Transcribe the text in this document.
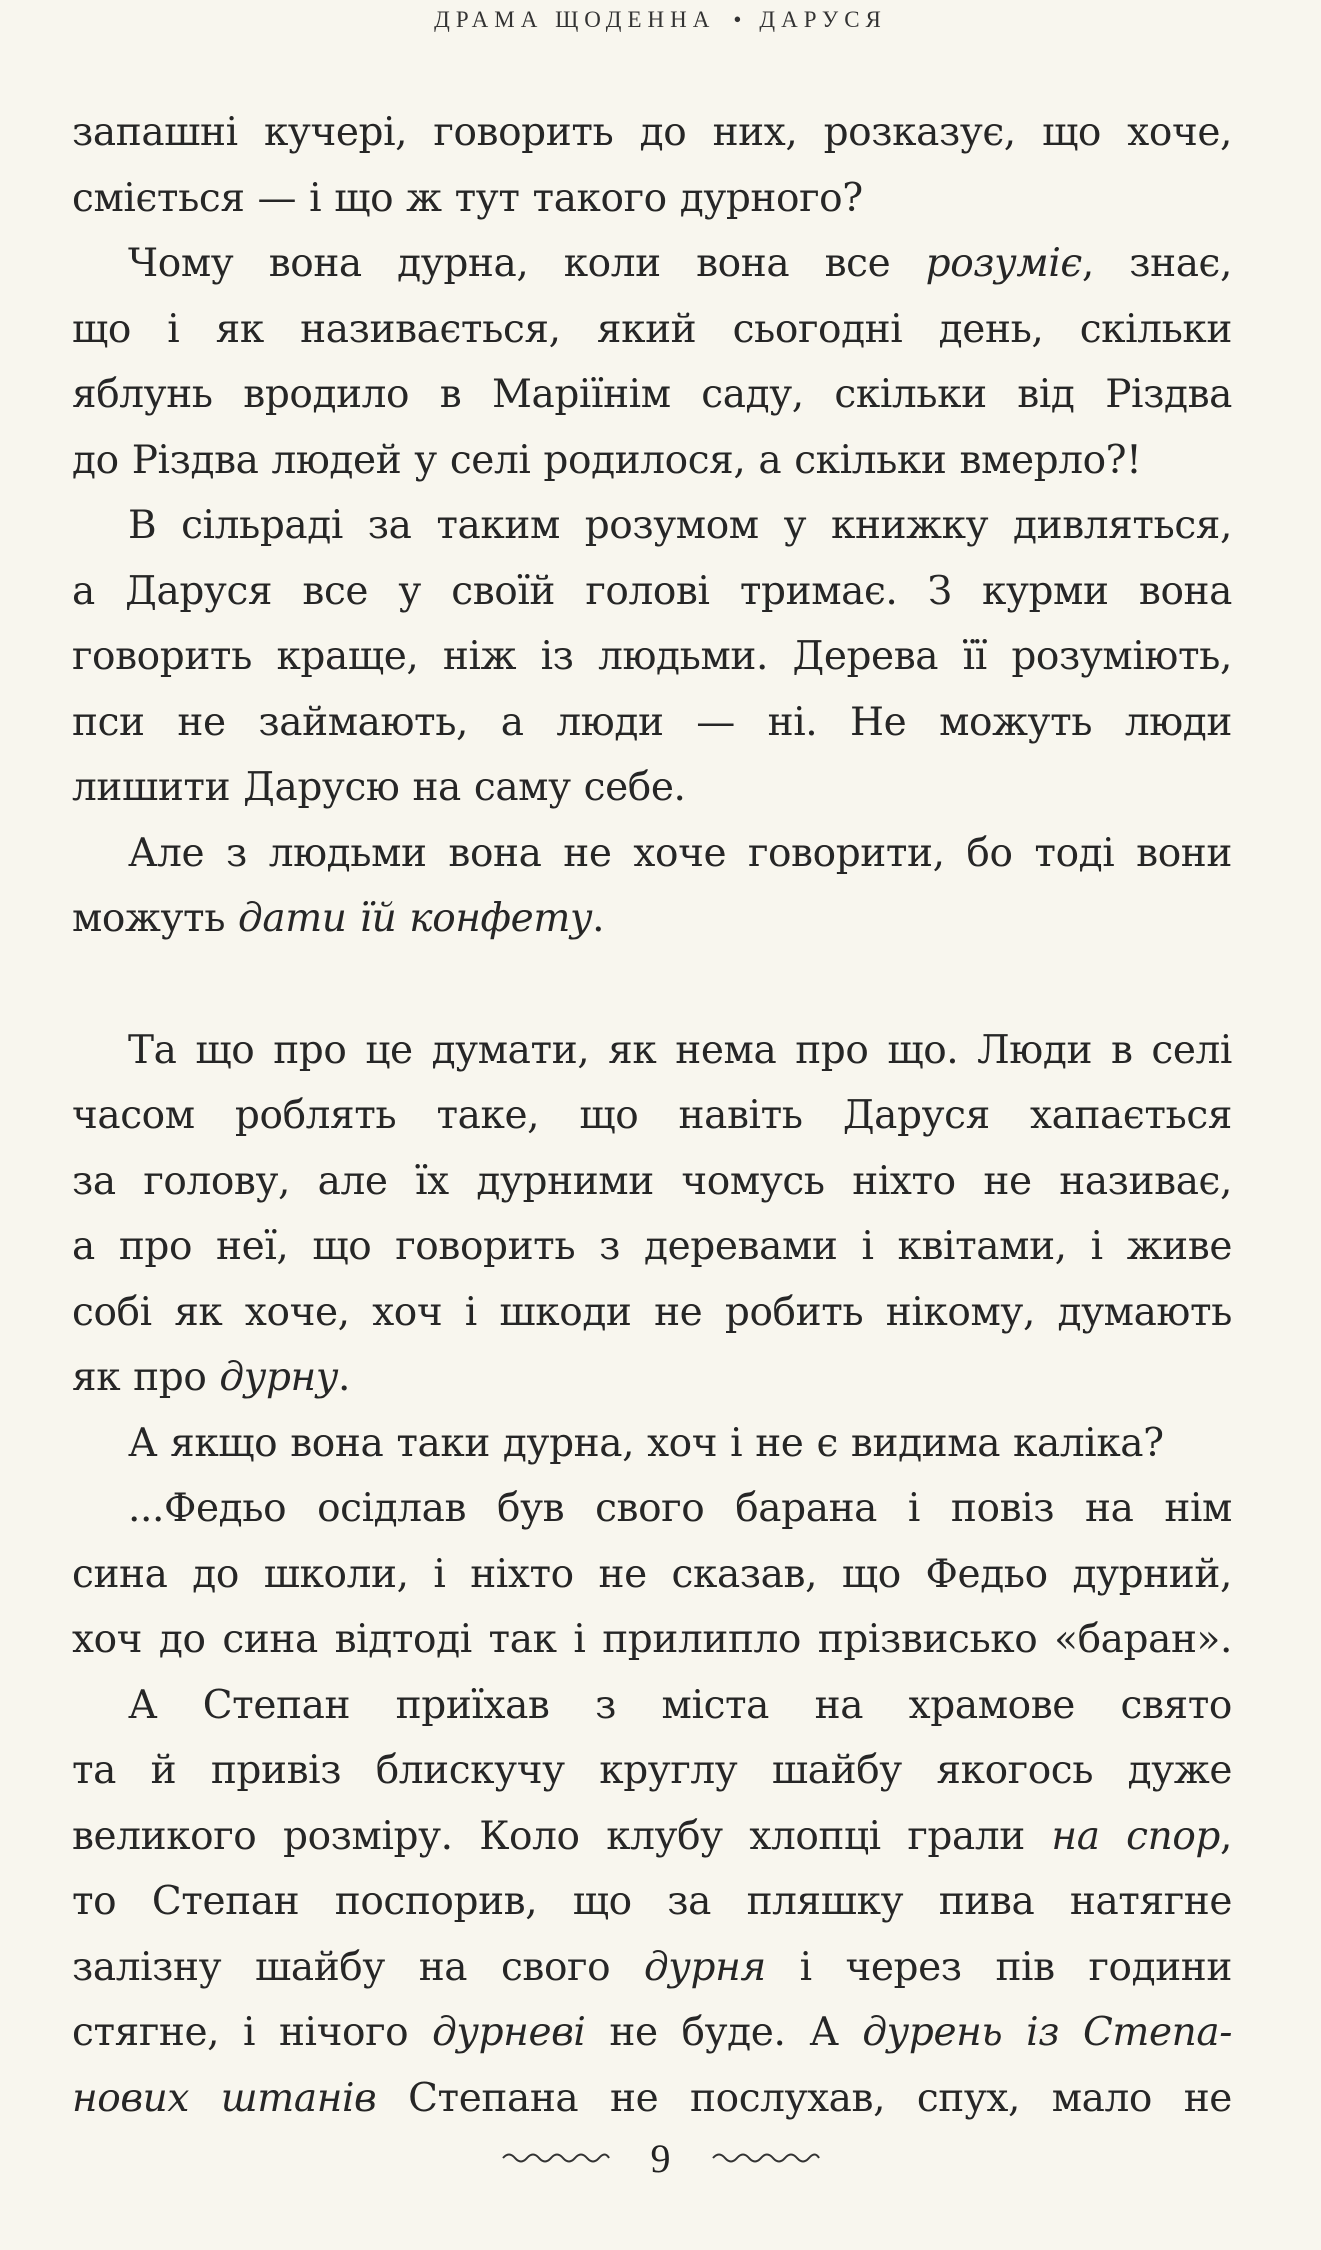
ДРАМА ЩОДЕННА • ДАРУСЯ
запашні кучері, говорить до них, розказує, що хоче,
сміється — і що ж тут такого дурного?
Чому вона дурна, коли вона все розуміє, знає,
що і як називається, який сьогодні день, скільки
яблунь вродило в Маріїнім саду, скільки від Різдва
до Різдва людей у селі родилося, а скільки вмерло?!
В сільраді за таким розумом у книжку дивляться,
а Даруся все у своїй голові тримає. З курми вона
говорить краще, ніж із людьми. Дерева її розуміють,
пси не займають, а люди — ні. Не можуть люди
лишити Дарусю на саму себе.
Але з людьми вона не хоче говорити, бо тоді вони
можуть дати їй конфету.
Та що про це думати, як нема про що. Люди в селі
часом роблять таке, що навіть Даруся хапається
за голову, але їх дурними чомусь ніхто не називає,
а про неї, що говорить з деревами і квітами, і живе
собі як хоче, хоч і шкоди не робить нікому, думають
як про дурну.
А якщо вона таки дурна, хоч і не є видима каліка?
...Федьо осідлав був свого барана і повіз на нім
сина до школи, і ніхто не сказав, що Федьо дурний,
хоч до сина відтоді так і прилипло прізвисько «баран».
А Степан приїхав з міста на храмове свято
та й привіз блискучу круглу шайбу якогось дуже
великого розміру. Коло клубу хлопці грали на спор,
то Степан поспорив, що за пляшку пива натягне
залізну шайбу на свого дурня і через пів години
стягне, і нічого дурневі не буде. А дурень із Степа-
нових штанів Степана не послухав, спух, мало не
9
